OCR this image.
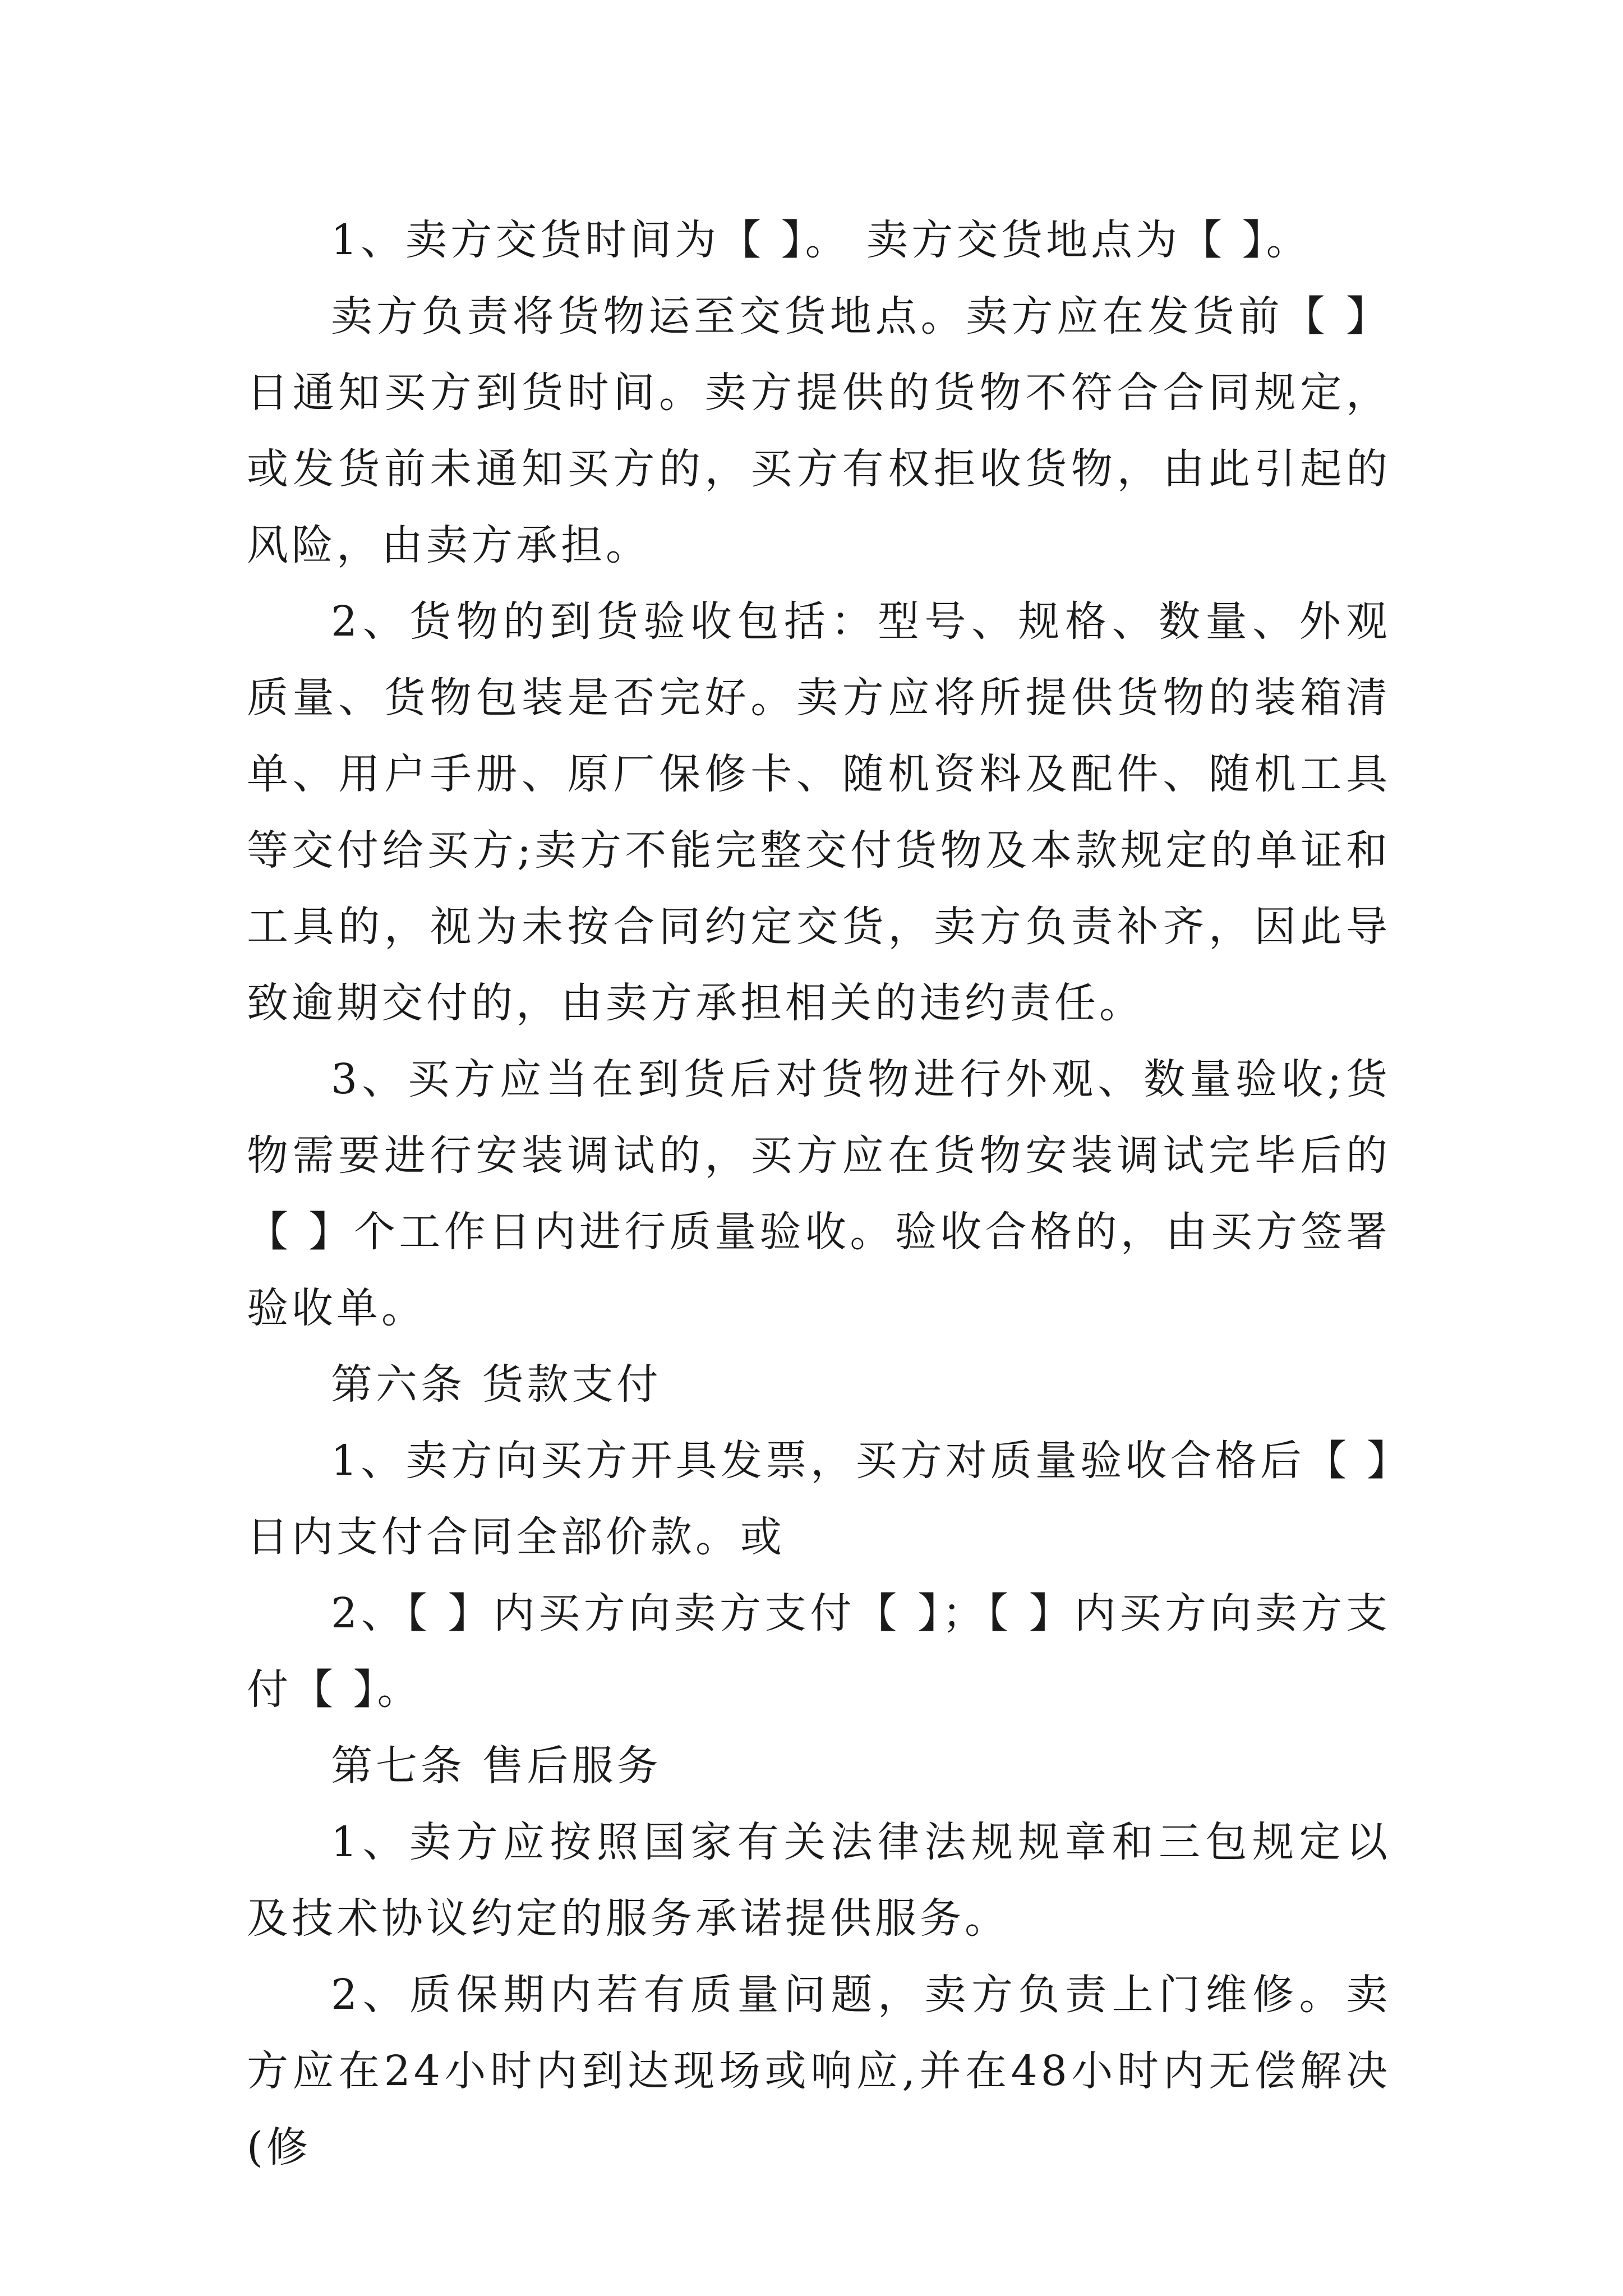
1、卖方交货时间为【 】。 卖方交货地点为【 】。

卖方负责将货物运至交货地点。卖方应在发货前【 】日通知买方到货时间。卖方提供的货物不符合合同规定，或发货前未通知买方的，买方有权拒收货物，由此引起的风险，由卖方承担。

2、货物的到货验收包括：型号、规格、数量、外观质量、货物包装是否完好。卖方应将所提供货物的装箱清单、用户手册、原厂保修卡、随机资料及配件、随机工具等交付给买方;卖方不能完整交付货物及本款规定的单证和工具的，视为未按合同约定交货，卖方负责补齐，因此导致逾期交付的，由卖方承担相关的违约责任。

3、买方应当在到货后对货物进行外观、数量验收;货物需要进行安装调试的，买方应在货物安装调试完毕后的【 】个工作日内进行质量验收。验收合格的，由买方签署验收单。

第六条 货款支付

1、卖方向买方开具发票，买方对质量验收合格后【 】日内支付合同全部价款。或

2、【 】内买方向卖方支付【 】；【 】内买方向卖方支付【 】。

第七条 售后服务

1、卖方应按照国家有关法律法规规章和三包规定以及技术协议约定的服务承诺提供服务。

2、质保期内若有质量问题，卖方负责上门维修。卖方应在24小时内到达现场或响应,并在48小时内无偿解决(修
